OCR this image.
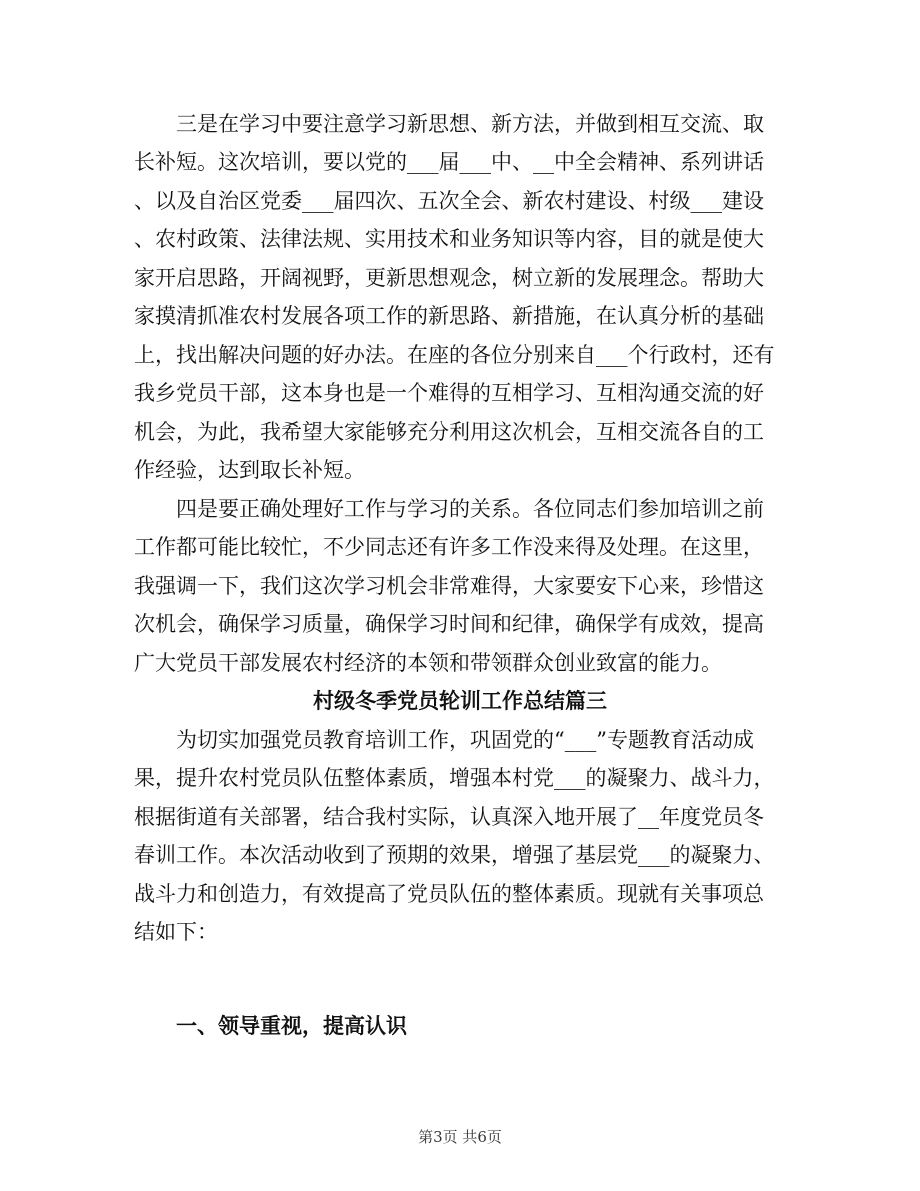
三是在学习中要注意学习新思想、新方法，并做到相互交流、取
长补短。这次培训，要以党的___届___中、__中全会精神、系列讲话
、以及自治区党委___届四次、五次全会、新农村建设、村级___建设
、农村政策、法律法规、实用技术和业务知识等内容，目的就是使大
家开启思路，开阔视野，更新思想观念，树立新的发展理念。帮助大
家摸清抓准农村发展各项工作的新思路、新措施，在认真分析的基础
上，找出解决问题的好办法。在座的各位分别来自___个行政村，还有
我乡党员干部，这本身也是一个难得的互相学习、互相沟通交流的好
机会，为此，我希望大家能够充分利用这次机会，互相交流各自的工
作经验，达到取长补短。
四是要正确处理好工作与学习的关系。各位同志们参加培训之前
工作都可能比较忙，不少同志还有许多工作没来得及处理。在这里，
我强调一下，我们这次学习机会非常难得，大家要安下心来，珍惜这
次机会，确保学习质量，确保学习时间和纪律，确保学有成效，提高
广大党员干部发展农村经济的本领和带领群众创业致富的能力。
村级冬季党员轮训工作总结篇三
为切实加强党员教育培训工作，巩固党的“___”专题教育活动成
果，提升农村党员队伍整体素质，增强本村党___的凝聚力、战斗力，
根据街道有关部署，结合我村实际，认真深入地开展了__年度党员冬
春训工作。本次活动收到了预期的效果，增强了基层党___的凝聚力、
战斗力和创造力，有效提高了党员队伍的整体素质。现就有关事项总
结如下：
一、领导重视，提高认识
第3页 共6页
